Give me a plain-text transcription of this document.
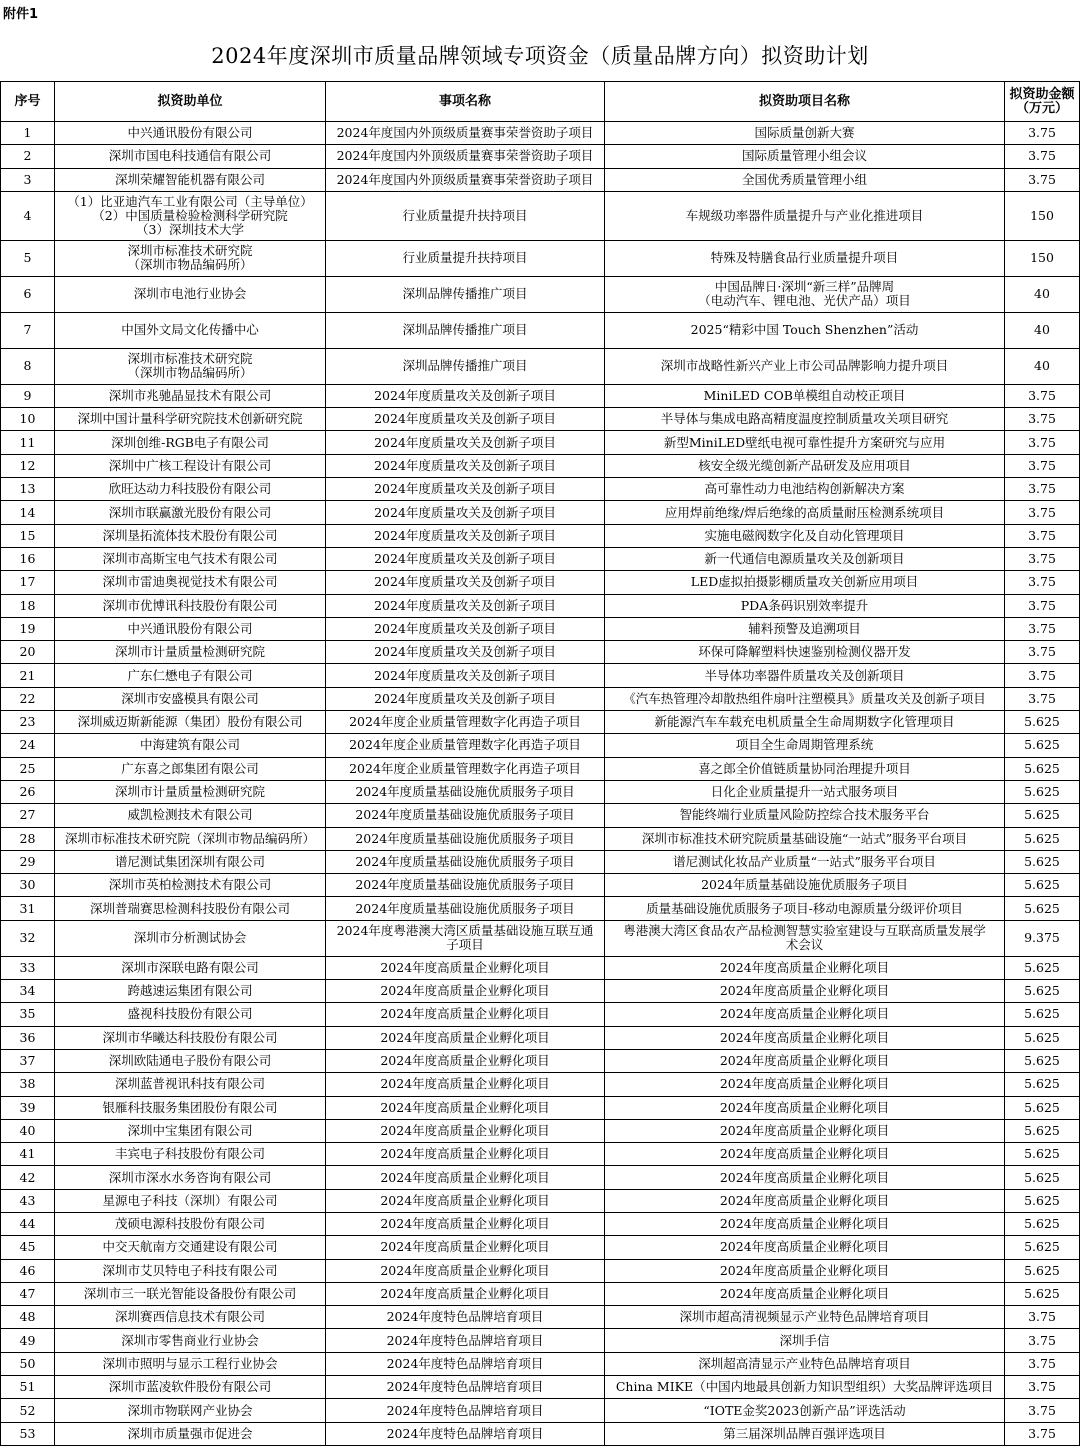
附件1
2024年度深圳市质量品牌领域专项资金（质量品牌方向）拟资助计划
序号	拟资助单位	事项名称	拟资助项目名称	拟资助金额
（万元）
1	中兴通讯股份有限公司	2024年度国内外顶级质量赛事荣誉资助子项目	国际质量创新大赛	3.75
2	深圳市国电科技通信有限公司	2024年度国内外顶级质量赛事荣誉资助子项目	国际质量管理小组会议	3.75
3	深圳荣耀智能机器有限公司	2024年度国内外顶级质量赛事荣誉资助子项目	全国优秀质量管理小组	3.75
4	（1）比亚迪汽车工业有限公司（主导单位）
（2）中国质量检验检测科学研究院
（3）深圳技术大学	行业质量提升扶持项目	车规级功率器件质量提升与产业化推进项目	150
5	深圳市标准技术研究院
（深圳市物品编码所）	行业质量提升扶持项目	特殊及特膳食品行业质量提升项目	150
6	深圳市电池行业协会	深圳品牌传播推广项目	中国品牌日·深圳“新三样”品牌周
（电动汽车、锂电池、光伏产品）项目	40
7	中国外文局文化传播中心	深圳品牌传播推广项目	2025“精彩中国 Touch Shenzhen”活动	40
8	深圳市标准技术研究院
（深圳市物品编码所）	深圳品牌传播推广项目	深圳市战略性新兴产业上市公司品牌影响力提升项目	40
9	深圳市兆驰晶显技术有限公司	2024年度质量攻关及创新子项目	MiniLED COB单模组自动校正项目	3.75
10	深圳中国计量科学研究院技术创新研究院	2024年度质量攻关及创新子项目	半导体与集成电路高精度温度控制质量攻关项目研究	3.75
11	深圳创维-RGB电子有限公司	2024年度质量攻关及创新子项目	新型MiniLED壁纸电视可靠性提升方案研究与应用	3.75
12	深圳中广核工程设计有限公司	2024年度质量攻关及创新子项目	核安全级光缆创新产品研发及应用项目	3.75
13	欣旺达动力科技股份有限公司	2024年度质量攻关及创新子项目	高可靠性动力电池结构创新解决方案	3.75
14	深圳市联赢激光股份有限公司	2024年度质量攻关及创新子项目	应用焊前绝缘/焊后绝缘的高质量耐压检测系统项目	3.75
15	深圳垦拓流体技术股份有限公司	2024年度质量攻关及创新子项目	实施电磁阀数字化及自动化管理项目	3.75
16	深圳市高斯宝电气技术有限公司	2024年度质量攻关及创新子项目	新一代通信电源质量攻关及创新项目	3.75
17	深圳市雷迪奥视觉技术有限公司	2024年度质量攻关及创新子项目	LED虚拟拍摄影棚质量攻关创新应用项目	3.75
18	深圳市优博讯科技股份有限公司	2024年度质量攻关及创新子项目	PDA条码识别效率提升	3.75
19	中兴通讯股份有限公司	2024年度质量攻关及创新子项目	辅料预警及追溯项目	3.75
20	深圳市计量质量检测研究院	2024年度质量攻关及创新子项目	环保可降解塑料快速鉴别检测仪器开发	3.75
21	广东仁懋电子有限公司	2024年度质量攻关及创新子项目	半导体功率器件质量攻关及创新项目	3.75
22	深圳市安盛模具有限公司	2024年度质量攻关及创新子项目	《汽车热管理冷却散热组件扇叶注塑模具》质量攻关及创新子项目	3.75
23	深圳威迈斯新能源（集团）股份有限公司	2024年度企业质量管理数字化再造子项目	新能源汽车车载充电机质量全生命周期数字化管理项目	5.625
24	中海建筑有限公司	2024年度企业质量管理数字化再造子项目	项目全生命周期管理系统	5.625
25	广东喜之郎集团有限公司	2024年度企业质量管理数字化再造子项目	喜之郎全价值链质量协同治理提升项目	5.625
26	深圳市计量质量检测研究院	2024年度质量基础设施优质服务子项目	日化企业质量提升一站式服务项目	5.625
27	威凯检测技术有限公司	2024年度质量基础设施优质服务子项目	智能终端行业质量风险防控综合技术服务平台	5.625
28	深圳市标准技术研究院（深圳市物品编码所）	2024年度质量基础设施优质服务子项目	深圳市标准技术研究院质量基础设施“一站式”服务平台项目	5.625
29	谱尼测试集团深圳有限公司	2024年度质量基础设施优质服务子项目	谱尼测试化妆品产业质量“一站式”服务平台项目	5.625
30	深圳市英柏检测技术有限公司	2024年度质量基础设施优质服务子项目	2024年质量基础设施优质服务子项目	5.625
31	深圳普瑞赛思检测科技股份有限公司	2024年度质量基础设施优质服务子项目	质量基础设施优质服务子项目-移动电源质量分级评价项目	5.625
32	深圳市分析测试协会	2024年度粤港澳大湾区质量基础设施互联互通
子项目	粤港澳大湾区食品农产品检测智慧实验室建设与互联高质量发展学
术会议	9.375
33	深圳市深联电路有限公司	2024年度高质量企业孵化项目	2024年度高质量企业孵化项目	5.625
34	跨越速运集团有限公司	2024年度高质量企业孵化项目	2024年度高质量企业孵化项目	5.625
35	盛视科技股份有限公司	2024年度高质量企业孵化项目	2024年度高质量企业孵化项目	5.625
36	深圳市华曦达科技股份有限公司	2024年度高质量企业孵化项目	2024年度高质量企业孵化项目	5.625
37	深圳欧陆通电子股份有限公司	2024年度高质量企业孵化项目	2024年度高质量企业孵化项目	5.625
38	深圳蓝普视讯科技有限公司	2024年度高质量企业孵化项目	2024年度高质量企业孵化项目	5.625
39	银雁科技服务集团股份有限公司	2024年度高质量企业孵化项目	2024年度高质量企业孵化项目	5.625
40	深圳中宝集团有限公司	2024年度高质量企业孵化项目	2024年度高质量企业孵化项目	5.625
41	丰宾电子科技股份有限公司	2024年度高质量企业孵化项目	2024年度高质量企业孵化项目	5.625
42	深圳市深水水务咨询有限公司	2024年度高质量企业孵化项目	2024年度高质量企业孵化项目	5.625
43	星源电子科技（深圳）有限公司	2024年度高质量企业孵化项目	2024年度高质量企业孵化项目	5.625
44	茂硕电源科技股份有限公司	2024年度高质量企业孵化项目	2024年度高质量企业孵化项目	5.625
45	中交天航南方交通建设有限公司	2024年度高质量企业孵化项目	2024年度高质量企业孵化项目	5.625
46	深圳市艾贝特电子科技有限公司	2024年度高质量企业孵化项目	2024年度高质量企业孵化项目	5.625
47	深圳市三一联光智能设备股份有限公司	2024年度高质量企业孵化项目	2024年度高质量企业孵化项目	5.625
48	深圳赛西信息技术有限公司	2024年度特色品牌培育项目	深圳市超高清视频显示产业特色品牌培育项目	3.75
49	深圳市零售商业行业协会	2024年度特色品牌培育项目	深圳手信	3.75
50	深圳市照明与显示工程行业协会	2024年度特色品牌培育项目	深圳超高清显示产业特色品牌培育项目	3.75
51	深圳市蓝凌软件股份有限公司	2024年度特色品牌培育项目	China MIKE（中国内地最具创新力知识型组织）大奖品牌评选项目	3.75
52	深圳市物联网产业协会	2024年度特色品牌培育项目	“IOTE金奖2023创新产品”评选活动	3.75
53	深圳市质量强市促进会	2024年度特色品牌培育项目	第三届深圳品牌百强评选项目	3.75
